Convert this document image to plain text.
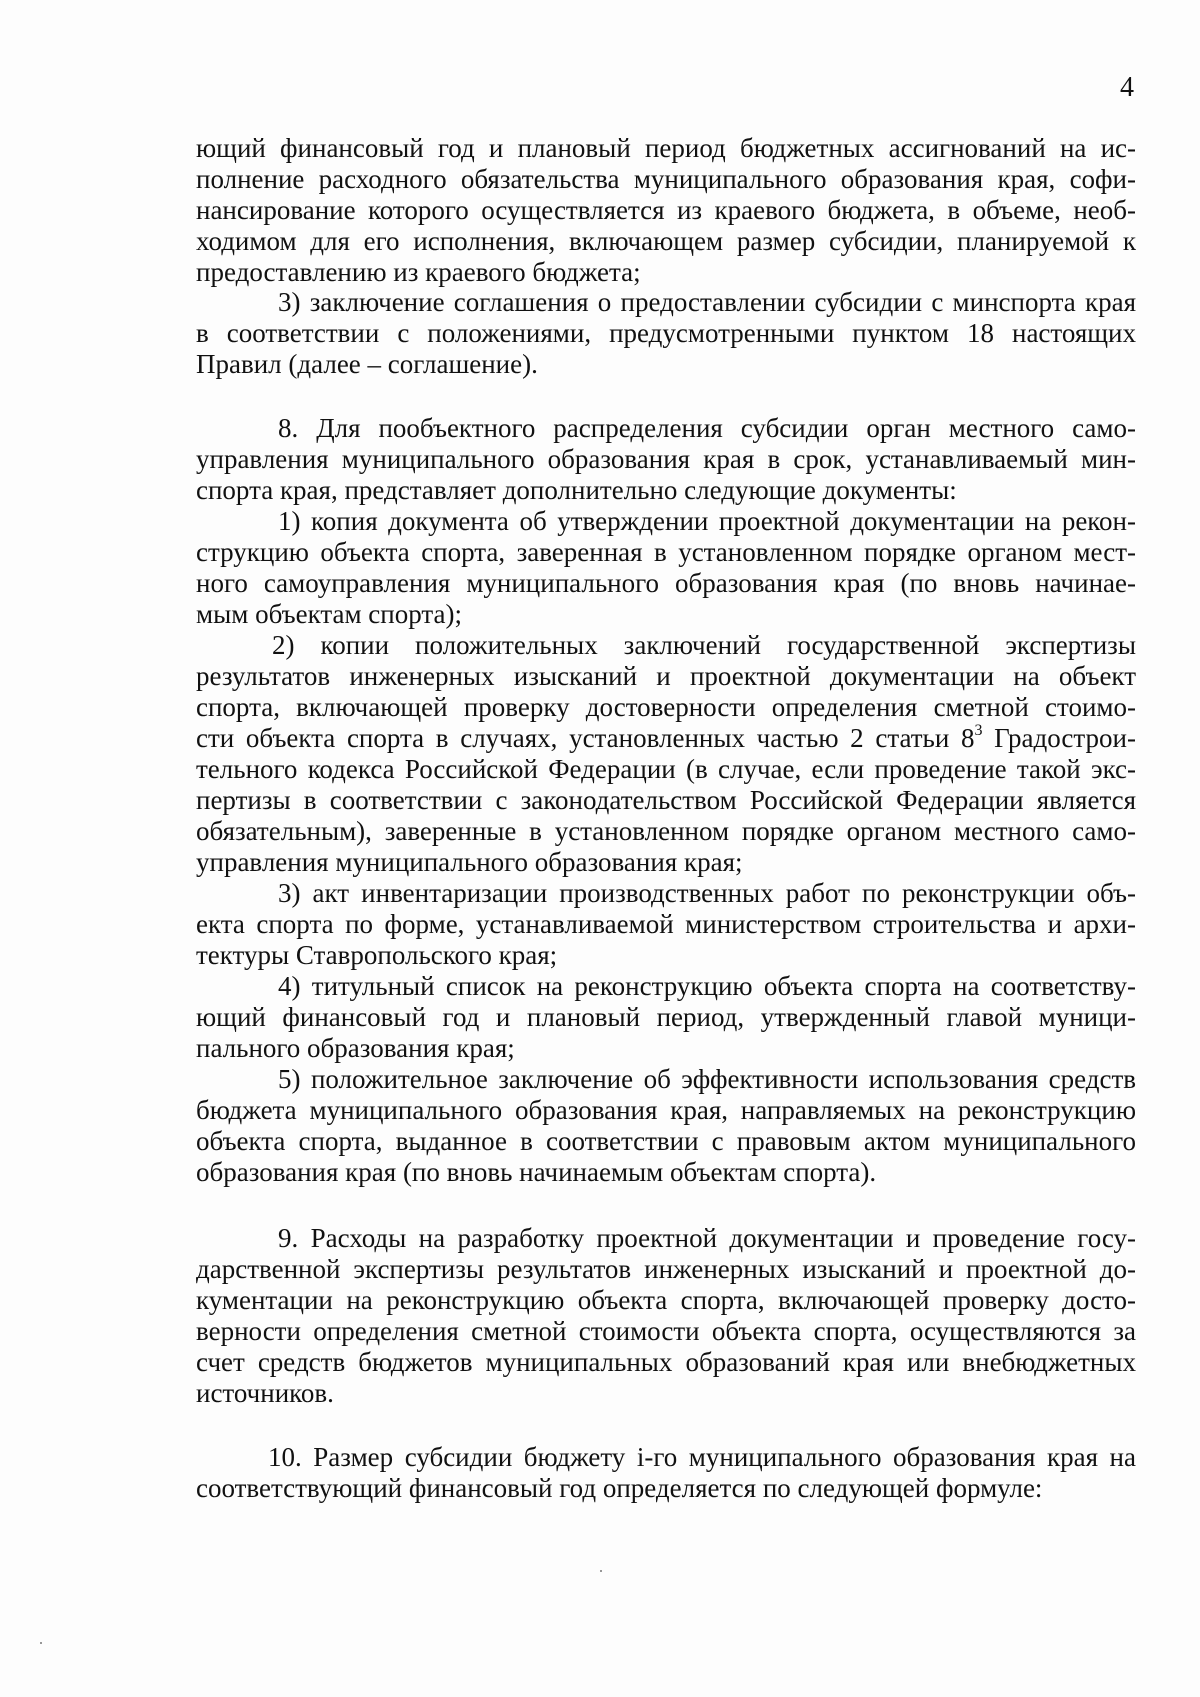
4
ющий финансовый год и плановый период бюджетных ассигнований на ис-
полнение расходного обязательства муниципального образования края, софи-
нансирование которого осуществляется из краевого бюджета, в объеме, необ-
ходимом для его исполнения, включающем размер субсидии, планируемой к
предоставлению из краевого бюджета;
3) заключение соглашения о предоставлении субсидии с минспорта края
в соответствии с положениями, предусмотренными пунктом 18 настоящих
Правил (далее – соглашение).
8. Для пообъектного распределения субсидии орган местного само-
управления муниципального образования края в срок, устанавливаемый мин-
спорта края, представляет дополнительно следующие документы:
1) копия документа об утверждении проектной документации на рекон-
струкцию объекта спорта, заверенная в установленном порядке органом мест-
ного самоуправления муниципального образования края (по вновь начинае-
мым объектам спорта);
2) копии положительных заключений государственной экспертизы
результатов инженерных изысканий и проектной документации на объект
спорта, включающей проверку достоверности определения сметной стоимо-
сти объекта спорта в случаях, установленных частью 2 статьи $8^3$ Градострои-
тельного кодекса Российской Федерации (в случае, если проведение такой экс-
пертизы в соответствии с законодательством Российской Федерации является
обязательным), заверенные в установленном порядке органом местного само-
управления муниципального образования края;
3) акт инвентаризации производственных работ по реконструкции объ-
екта спорта по форме, устанавливаемой министерством строительства и архи-
тектуры Ставропольского края;
4) титульный список на реконструкцию объекта спорта на соответству-
ющий финансовый год и плановый период, утвержденный главой муници-
пального образования края;
5) положительное заключение об эффективности использования средств
бюджета муниципального образования края, направляемых на реконструкцию
объекта спорта, выданное в соответствии с правовым актом муниципального
образования края (по вновь начинаемым объектам спорта).
9. Расходы на разработку проектной документации и проведение госу-
дарственной экспертизы результатов инженерных изысканий и проектной до-
кументации на реконструкцию объекта спорта, включающей проверку досто-
верности определения сметной стоимости объекта спорта, осуществляются за
счет средств бюджетов муниципальных образований края или внебюджетных
источников.
10. Размер субсидии бюджету i-го муниципального образования края на
соответствующий финансовый год определяется по следующей формуле:
